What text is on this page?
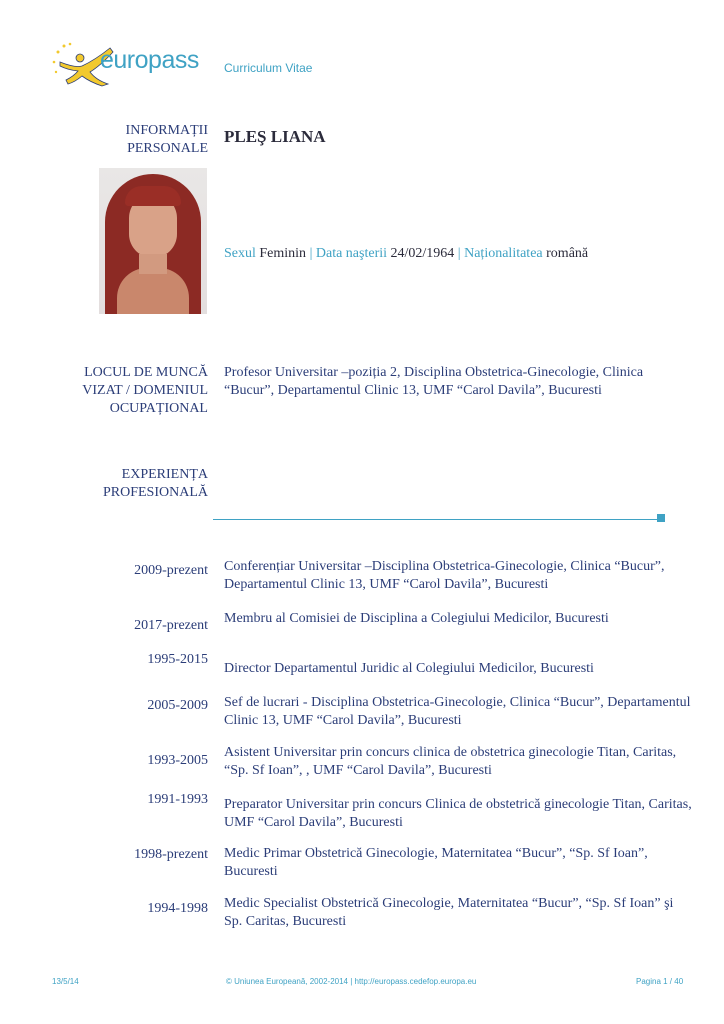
europass Curriculum Vitae
INFORMAȚII
PERSONALE
PLEŞ LIANA
Sexul Feminin | Data naşterii 24/02/1964 | Naționalitatea română
LOCUL DE MUNCĂ
VIZAT / DOMENIUL
OCUPAȚIONAL
Profesor Universitar –poziția 2, Disciplina Obstetrica-Ginecologie, Clinica “Bucur”, Departamentul Clinic 13, UMF “Carol Davila”, Bucuresti
EXPERIENȚA
PROFESIONALĂ
2009-prezent Conferențiar Universitar –Disciplina Obstetrica-Ginecologie, Clinica “Bucur”, Departamentul Clinic 13, UMF “Carol Davila”, Bucuresti
2017-prezent Membru al Comisiei de Disciplina a Colegiului Medicilor, Bucuresti
1995-2015
Director Departamentul Juridic al Colegiului Medicilor, Bucuresti
2005-2009 Sef de lucrari - Disciplina Obstetrica-Ginecologie, Clinica “Bucur”, Departamentul Clinic 13, UMF “Carol Davila”, Bucuresti
1993-2005
Asistent Universitar prin concurs clinica de obstetrica ginecologie Titan, Caritas, “Sp. Sf Ioan”, , UMF “Carol Davila”, Bucuresti
1991-1993 Preparator Universitar prin concurs Clinica de obstetrică ginecologie Titan, Caritas, UMF “Carol Davila”, Bucuresti
1998-prezent Medic Primar Obstetrică Ginecologie, Maternitatea “Bucur”, “Sp. Sf Ioan”, Bucuresti
1994-1998 Medic Specialist Obstetrică Ginecologie, Maternitatea “Bucur”, “Sp. Sf Ioan” şi Sp. Caritas, Bucuresti
13/5/14	© Uniunea Europeană, 2002-2014 | http://europass.cedefop.europa.eu	Pagina 1 / 40
